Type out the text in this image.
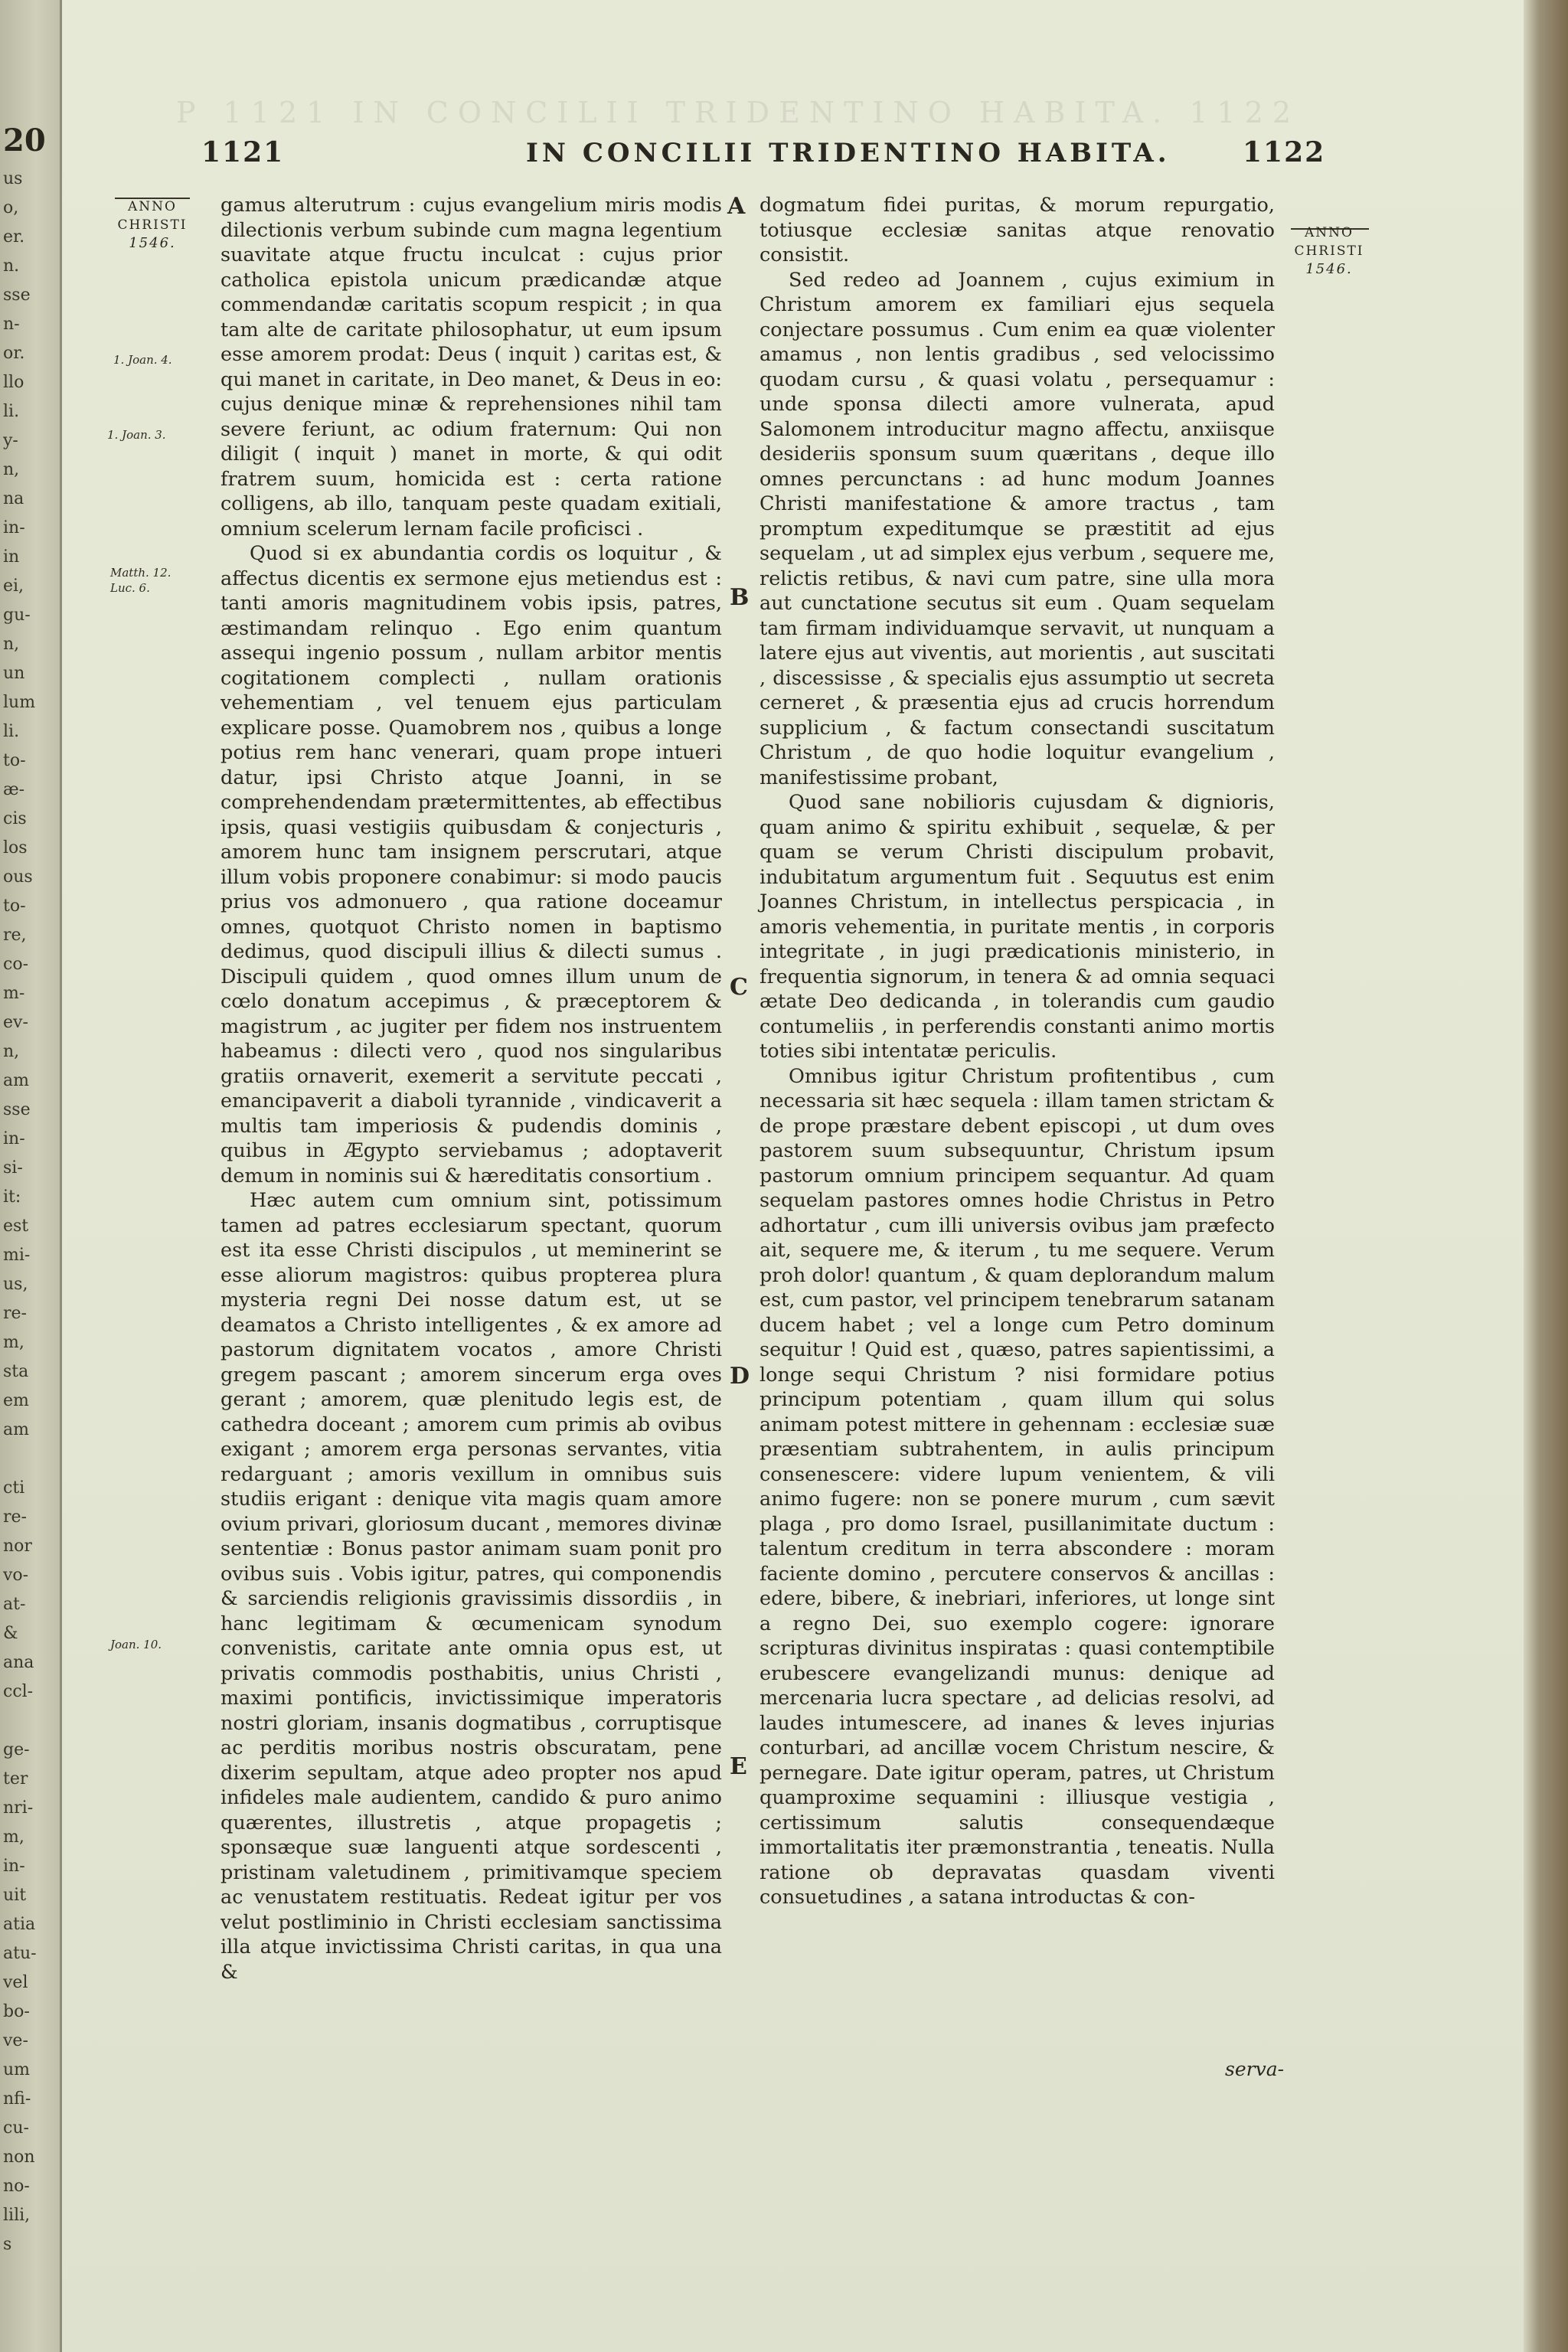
20
us
o,
er.
n.
sse
n-
or.
llo
li.
y-
n,
na
in-
in
ei,
gu-
n,
un
lum
li.
to-
æ-
cis
los
ous
to-
re,
co-
m-
ev-
n,
am
sse
in-
si-
it:
est
mi-
us,
re-
m,
sta
em
am

cti
re-
nor
vo-
at-
&
ana
ccl-

ge-
ter
nri-
m,
in-
uit
atia
atu-
vel
bo-
ve-
um
nfi-
cu-
non
no-
lili,
s
Ρ 1121 IN CONCILII TRIDENTINO HABITA. 1122
1121	IN CONCILII TRIDENTINO HABITA.	1122
ANNO
CHRISTI
1546.
1. Joan. 4.
1. Joan. 3.
Matth. 12. Luc. 6.
Joan. 10.
ANNO
CHRISTI
1546.
A
B
C
D
E

gamus alterutrum : cujus evangelium miris modis dilectionis verbum subinde cum magna legentium suavitate atque fructu inculcat : cujus prior catholica epistola unicum prædicandæ atque commendandæ caritatis scopum respicit ; in qua tam alte de caritate philosophatur, ut eum ipsum esse amorem prodat: Deus ( inquit ) caritas est, & qui manet in caritate, in Deo manet, & Deus in eo: cujus denique minæ & reprehensiones nihil tam severe feriunt, ac odium fraternum: Qui non diligit ( inquit ) manet in morte, & qui odit fratrem suum, homicida est : certa ratione colligens, ab illo, tanquam peste quadam exitiali, omnium scelerum lernam facile proficisci .

Quod si ex abundantia cordis os loquitur , & affectus dicentis ex sermone ejus metiendus est : tanti amoris magnitudinem vobis ipsis, patres, æstimandam relinquo . Ego enim quantum assequi ingenio possum , nullam arbitor mentis cogitationem complecti , nullam orationis vehementiam , vel tenuem ejus particulam explicare posse. Quamobrem nos , quibus a longe potius rem hanc venerari, quam prope intueri datur, ipsi Christo atque Joanni, in se comprehendendam prætermittentes, ab effectibus ipsis, quasi vestigiis quibusdam & conjecturis , amorem hunc tam insignem perscrutari, atque illum vobis proponere conabimur: si modo paucis prius vos admonuero , qua ratione doceamur omnes, quotquot Christo nomen in baptismo dedimus, quod discipuli illius & dilecti sumus . Discipuli quidem , quod omnes illum unum de cœlo donatum accepimus , & præceptorem & magistrum , ac jugiter per fidem nos instruentem habeamus : dilecti vero , quod nos singularibus gratiis ornaverit, exemerit a servitute peccati , emancipaverit a diaboli tyrannide , vindicaverit a multis tam imperiosis & pudendis dominis , quibus in Ægypto serviebamus ; adoptaverit demum in nominis sui & hæreditatis consortium .

Hæc autem cum omnium sint, potissimum tamen ad patres ecclesiarum spectant, quorum est ita esse Christi discipulos , ut meminerint se esse aliorum magistros: quibus propterea plura mysteria regni Dei nosse datum est, ut se deamatos a Christo intelligentes , & ex amore ad pastorum dignitatem vocatos , amore Christi gregem pascant ; amorem sincerum erga oves gerant ; amorem, quæ plenitudo legis est, de cathedra doceant ; amorem cum primis ab ovibus exigant ; amorem erga personas servantes, vitia redarguant ; amoris vexillum in omnibus suis studiis erigant : denique vita magis quam amore ovium privari, gloriosum ducant , memores divinæ sententiæ : Bonus pastor animam suam ponit pro ovibus suis . Vobis igitur, patres, qui componendis & sarciendis religionis gravissimis dissordiis , in hanc legitimam & œcumenicam synodum convenistis, caritate ante omnia opus est, ut privatis commodis posthabitis, unius Christi , maximi pontificis, invictissimique imperatoris nostri gloriam, insanis dogmatibus , corruptisque ac perditis moribus nostris obscuratam, pene dixerim sepultam, atque adeo propter nos apud infideles male audientem, candido & puro animo quærentes, illustretis , atque propagetis ; sponsæque suæ languenti atque sordescenti , pristinam valetudinem , primitivamque speciem ac venustatem restituatis. Redeat igitur per vos velut postliminio in Christi ecclesiam sanctissima illa atque invictissima Christi caritas, in qua una &

dogmatum fidei puritas, & morum repurgatio, totiusque ecclesiæ sanitas atque renovatio consistit.

Sed redeo ad Joannem , cujus eximium in Christum amorem ex familiari ejus sequela conjectare possumus . Cum enim ea quæ violenter amamus , non lentis gradibus , sed velocissimo quodam cursu , & quasi volatu , persequamur : unde sponsa dilecti amore vulnerata, apud Salomonem introducitur magno affectu, anxiisque desideriis sponsum suum quæritans , deque illo omnes percunctans : ad hunc modum Joannes Christi manifestatione & amore tractus , tam promptum expeditumque se præstitit ad ejus sequelam , ut ad simplex ejus verbum , sequere me, relictis retibus, & navi cum patre, sine ulla mora aut cunctatione secutus sit eum . Quam sequelam tam firmam individuamque servavit, ut nunquam a latere ejus aut viventis, aut morientis , aut suscitati , discessisse , & specialis ejus assumptio ut secreta cerneret , & præsentia ejus ad crucis horrendum supplicium , & factum consectandi suscitatum Christum , de quo hodie loquitur evangelium , manifestissime probant,

Quod sane nobilioris cujusdam & dignioris, quam animo & spiritu exhibuit , sequelæ, & per quam se verum Christi discipulum probavit, indubitatum argumentum fuit . Sequutus est enim Joannes Christum, in intellectus perspicacia , in amoris vehementia, in puritate mentis , in corporis integritate , in jugi prædicationis ministerio, in frequentia signorum, in tenera & ad omnia sequaci ætate Deo dedicanda , in tolerandis cum gaudio contumeliis , in perferendis constanti animo mortis toties sibi intentatæ periculis.

Omnibus igitur Christum profitentibus , cum necessaria sit hæc sequela : illam tamen strictam & de prope præstare debent episcopi , ut dum oves pastorem suum subsequuntur, Christum ipsum pastorum omnium principem sequantur. Ad quam sequelam pastores omnes hodie Christus in Petro adhortatur , cum illi universis ovibus jam præfecto ait, sequere me, & iterum , tu me sequere. Verum proh dolor! quantum , & quam deplorandum malum est, cum pastor, vel principem tenebrarum satanam ducem habet ; vel a longe cum Petro dominum sequitur ! Quid est , quæso, patres sapientissimi, a longe sequi Christum ? nisi formidare potius principum potentiam , quam illum qui solus animam potest mittere in gehennam : ecclesiæ suæ præsentiam subtrahentem, in aulis principum consenescere: videre lupum venientem, & vili animo fugere: non se ponere murum , cum sævit plaga , pro domo Israel, pusillanimitate ductum : talentum creditum in terra abscondere : moram faciente domino , percutere conservos & ancillas : edere, bibere, & inebriari, inferiores, ut longe sint a regno Dei, suo exemplo cogere: ignorare scripturas divinitus inspiratas : quasi contemptibile erubescere evangelizandi munus: denique ad mercenaria lucra spectare , ad delicias resolvi, ad laudes intumescere, ad inanes & leves injurias conturbari, ad ancillæ vocem Christum nescire, & pernegare. Date igitur operam, patres, ut Christum quamproxime sequamini : illiusque vestigia , certissimum salutis consequendæque immortalitatis iter præmonstrantia , teneatis. Nulla ratione ob depravatas quasdam viventi consuetudines , a satana introductas & con-

serva-
